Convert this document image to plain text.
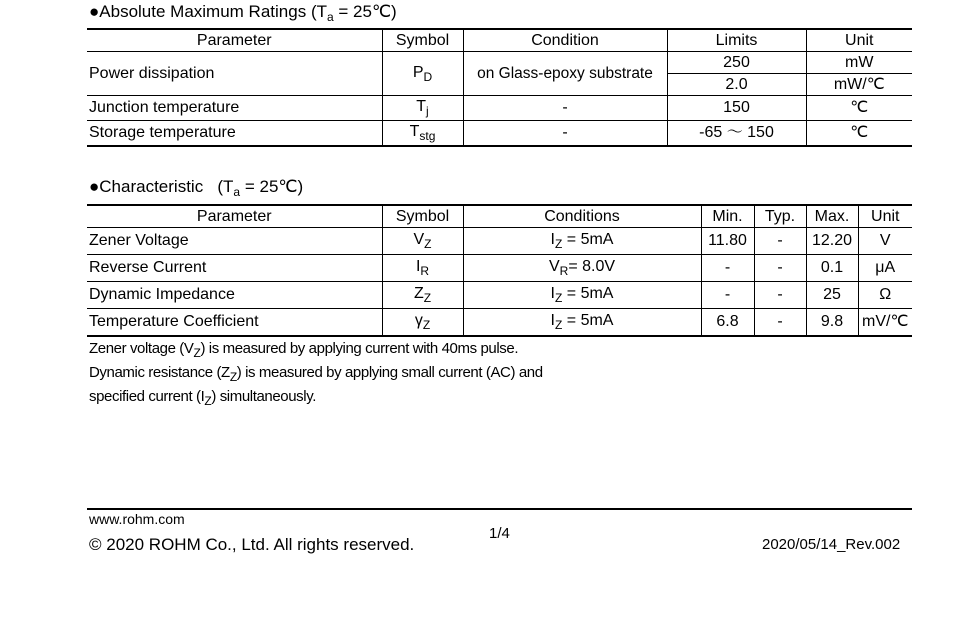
●Absolute Maximum Ratings ($T_a$ = 25℃)
Parameter	Symbol	Condition	Limits	Unit
Power dissipation	$P_D$	on Glass-epoxy substrate	250	mW
			2.0	mW/℃
Junction temperature	$T_j$	-	150	℃
Storage temperature	$T_{stg}$	-	-65 ～ 150	℃
●Characteristic ($T_a$ = 25℃)
Parameter	Symbol	Conditions	Min.	Typ.	Max.	Unit
Zener Voltage	$V_Z$	$I_Z = 5mA$	11.80	-	12.20	V
Reverse Current	$I_R$	$V_R= 8.0V$	-	-	0.1	μA
Dynamic Impedance	$Z_Z$	$I_Z = 5mA$	-	-	25	Ω
Temperature Coefficient	$\gamma_Z$	$I_Z = 5mA$	6.8	-	9.8	mV/℃
Zener voltage $(V_Z)$ is measured by applying current with 40ms pulse.
Dynamic resistance $(Z_Z)$ is measured by applying small current (AC) and
specified current $(I_Z)$ simultaneously.
www.rohm.com
© 2020 ROHM Co., Ltd. All rights reserved.
1/4
2020/05/14_Rev.002
